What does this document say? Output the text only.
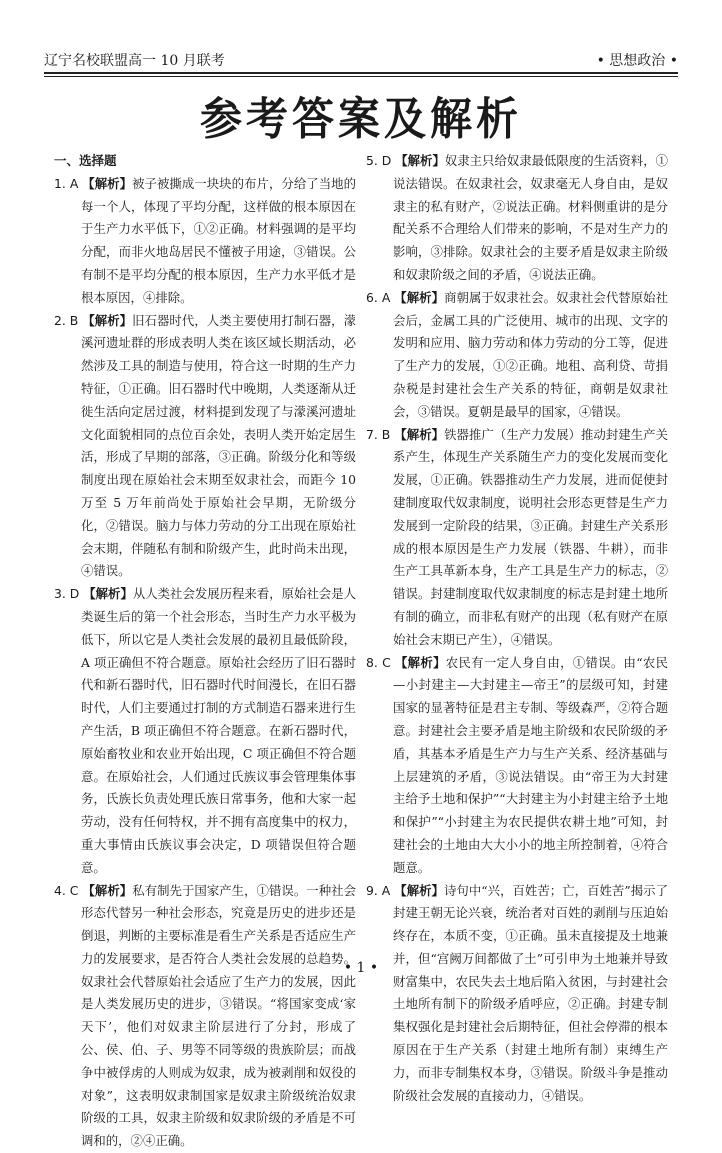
辽宁名校联盟高一 10 月联考	• 思想政治 •
参考答案及解析
一、选择题

1. A 【解析】被子被撕成一块块的布片，分给了当地的每一个人，体现了平均分配，这样做的根本原因在于生产力水平低下，①②正确。材料强调的是平均分配，而非火地岛居民不懂被子用途，③错误。公有制不是平均分配的根本原因，生产力水平低才是根本原因，④排除。

2. B 【解析】旧石器时代，人类主要使用打制石器，濛溪河遗址群的形成表明人类在该区域长期活动，必然涉及工具的制造与使用，符合这一时期的生产力特征，①正确。旧石器时代中晚期，人类逐渐从迁徙生活向定居过渡，材料提到发现了与濛溪河遗址文化面貌相同的点位百余处，表明人类开始定居生活，形成了早期的部落，③正确。阶级分化和等级制度出现在原始社会末期至奴隶社会，而距今 10 万至 5 万年前尚处于原始社会早期，无阶级分化，②错误。脑力与体力劳动的分工出现在原始社会末期，伴随私有制和阶级产生，此时尚未出现，④错误。

3. D 【解析】从人类社会发展历程来看，原始社会是人类诞生后的第一个社会形态，当时生产力水平极为低下，所以它是人类社会发展的最初且最低阶段，A 项正确但不符合题意。原始社会经历了旧石器时代和新石器时代，旧石器时代时间漫长，在旧石器时代，人们主要通过打制的方式制造石器来进行生产生活，B 项正确但不符合题意。在新石器时代，原始畜牧业和农业开始出现，C 项正确但不符合题意。在原始社会，人们通过氏族议事会管理集体事务，氏族长负责处理氏族日常事务，他和大家一起劳动，没有任何特权，并不拥有高度集中的权力，重大事情由氏族议事会决定，D 项错误但符合题意。

4. C 【解析】私有制先于国家产生，①错误。一种社会形态代替另一种社会形态，究竟是历史的进步还是倒退，判断的主要标准是看生产关系是否适应生产力的发展要求，是否符合人类社会发展的总趋势。奴隶社会代替原始社会适应了生产力的发展，因此是人类发展历史的进步，③错误。“将国家变成‘家天下’，他们对奴隶主阶层进行了分封，形成了公、侯、伯、子、男等不同等级的贵族阶层；而战争中被俘虏的人则成为奴隶，成为被剥削和奴役的对象”，这表明奴隶制国家是奴隶主阶级统治奴隶阶级的工具，奴隶主阶级和奴隶阶级的矛盾是不可调和的，②④正确。

5. D 【解析】奴隶主只给奴隶最低限度的生活资料，①说法错误。在奴隶社会，奴隶毫无人身自由，是奴隶主的私有财产，②说法正确。材料侧重讲的是分配关系不合理给人们带来的影响，不是对生产力的影响，③排除。奴隶社会的主要矛盾是奴隶主阶级和奴隶阶级之间的矛盾，④说法正确。

6. A 【解析】商朝属于奴隶社会。奴隶社会代替原始社会后，金属工具的广泛使用、城市的出现、文字的发明和应用、脑力劳动和体力劳动的分工等，促进了生产力的发展，①②正确。地租、高利贷、苛捐杂税是封建社会生产关系的特征，商朝是奴隶社会，③错误。夏朝是最早的国家，④错误。

7. B 【解析】铁器推广（生产力发展）推动封建生产关系产生，体现生产关系随生产力的变化发展而变化发展，①正确。铁器推动生产力发展，进而促使封建制度取代奴隶制度，说明社会形态更替是生产力发展到一定阶段的结果，③正确。封建生产关系形成的根本原因是生产力发展（铁器、牛耕），而非生产工具革新本身，生产工具是生产力的标志，②错误。封建制度取代奴隶制度的标志是封建土地所有制的确立，而非私有财产的出现（私有财产在原始社会末期已产生），④错误。

8. C 【解析】农民有一定人身自由，①错误。由“农民—小封建主—大封建主—帝王”的层级可知，封建国家的显著特征是君主专制、等级森严，②符合题意。封建社会主要矛盾是地主阶级和农民阶级的矛盾，其基本矛盾是生产力与生产关系、经济基础与上层建筑的矛盾，③说法错误。由“帝王为大封建主给予土地和保护”“大封建主为小封建主给予土地和保护”“小封建主为农民提供农耕土地”可知，封建社会的土地由大大小小的地主所控制着，④符合题意。

9. A 【解析】诗句中“兴，百姓苦；亡，百姓苦”揭示了封建王朝无论兴衰，统治者对百姓的剥削与压迫始终存在，本质不变，①正确。虽未直接提及土地兼并，但“宫阙万间都做了土”可引申为土地兼并导致财富集中，农民失去土地后陷入贫困，与封建社会土地所有制下的阶级矛盾呼应，②正确。封建专制集权强化是封建社会后期特征，但社会停滞的根本原因在于生产关系（封建土地所有制）束缚生产力，而非专制集权本身，③错误。阶级斗争是推动阶级社会发展的直接动力，④错误。

• 1 •
